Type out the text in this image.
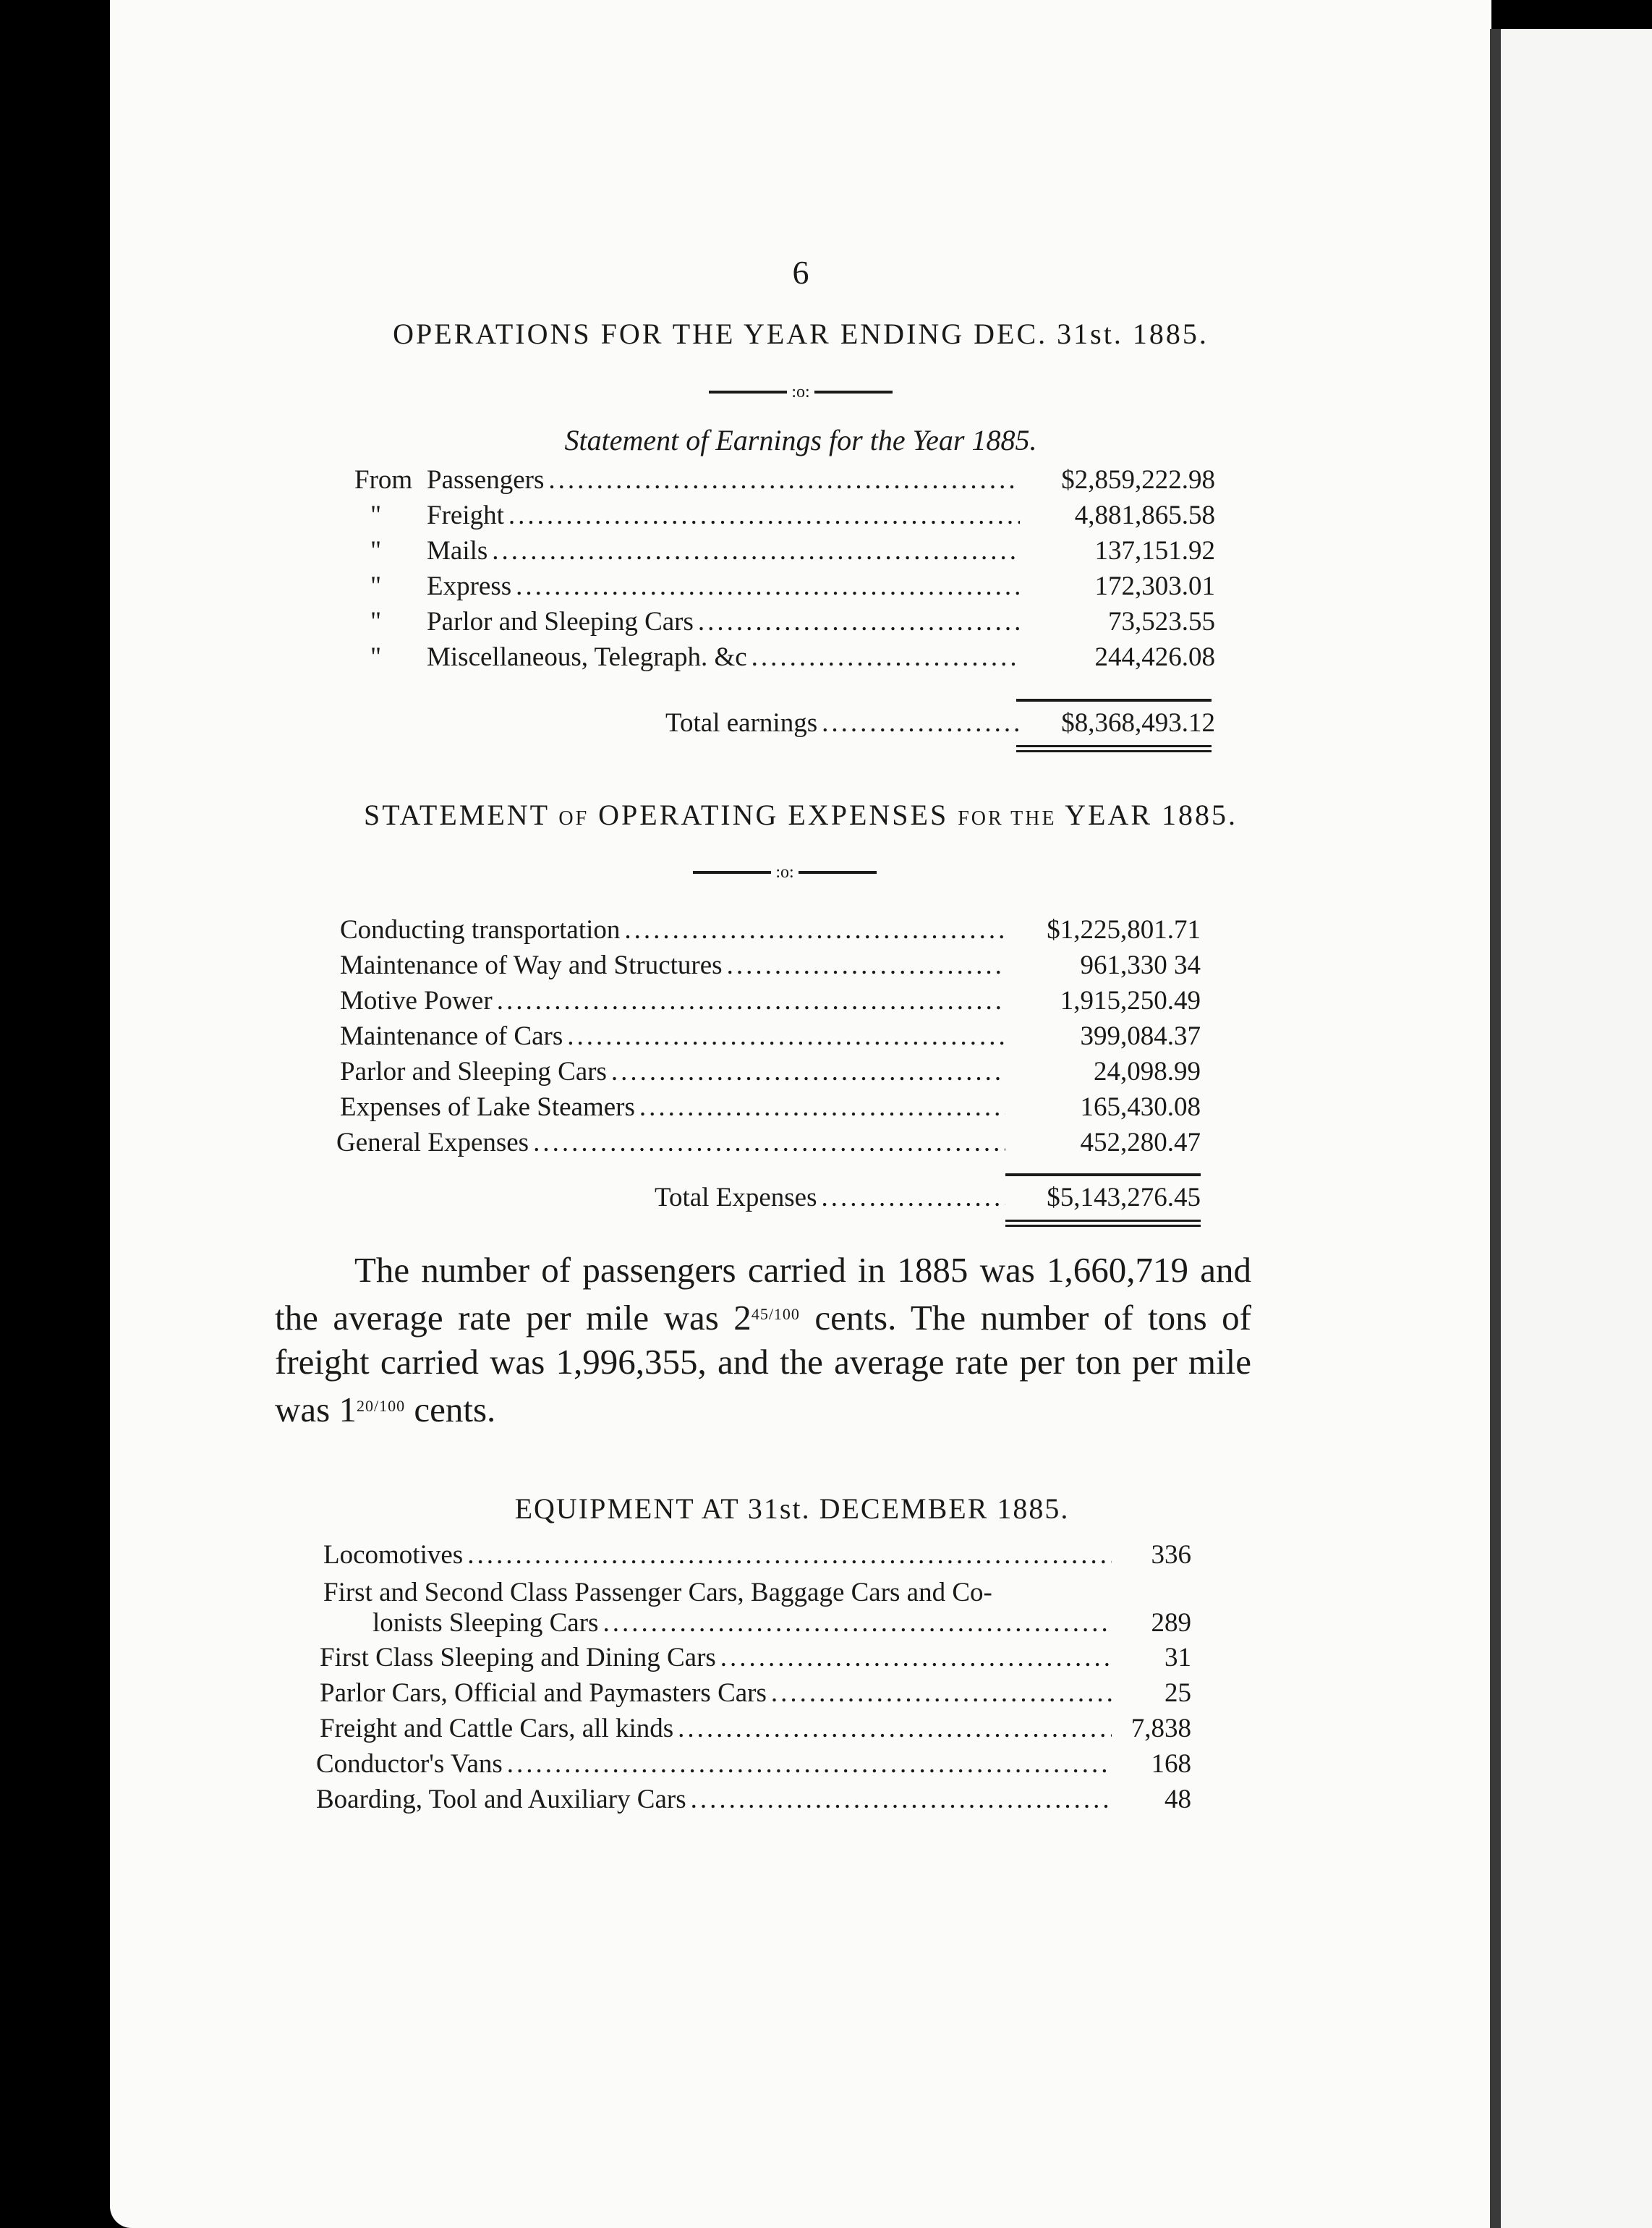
6
OPERATIONS FOR THE YEAR ENDING DEC. 31st. 1885.
:o:
Statement of Earnings for the Year 1885.
From Passengers .....	$2,859,222.98
"	Freight .....	4,881,865.58
"	Mails .....	137,151.92
"	Express .....	172,303.01
"	Parlor and Sleeping Cars .....	73,523.55
"	Miscellaneous, Telegraph. &c .....	244,426.08
Total earnings .....	$8,368,493.12
STATEMENT OF OPERATING EXPENSES FOR THE YEAR 1885.
:o:
Conducting transportation .....	$1,225,801.71
Maintenance of Way and Structures .....	961,330 34
Motive Power .....	1,915,250.49
Maintenance of Cars .....	399,084.37
Parlor and Sleeping Cars .....	24,098.99
Expenses of Lake Steamers .....	165,430.08
General Expenses .....	452,280.47
Total Expenses .....	$5,143,276.45
The number of passengers carried in 1885 was 1,660,719 and the average rate per mile was $2^{45/100}$ cents. The number of tons of freight carried was 1,996,355, and the average rate per ton per mile was $1^{20/100}$ cents.
EQUIPMENT AT 31st. DECEMBER 1885.
Locomotives .....	336
First and Second Class Passenger Cars, Baggage Cars and Co-
lonists Sleeping Cars .....	289
First Class Sleeping and Dining Cars .....	31
Parlor Cars, Official and Paymasters Cars .....	25
Freight and Cattle Cars, all kinds .....	7,838
Conductor's Vans .....	168
Boarding, Tool and Auxiliary Cars .....	48
